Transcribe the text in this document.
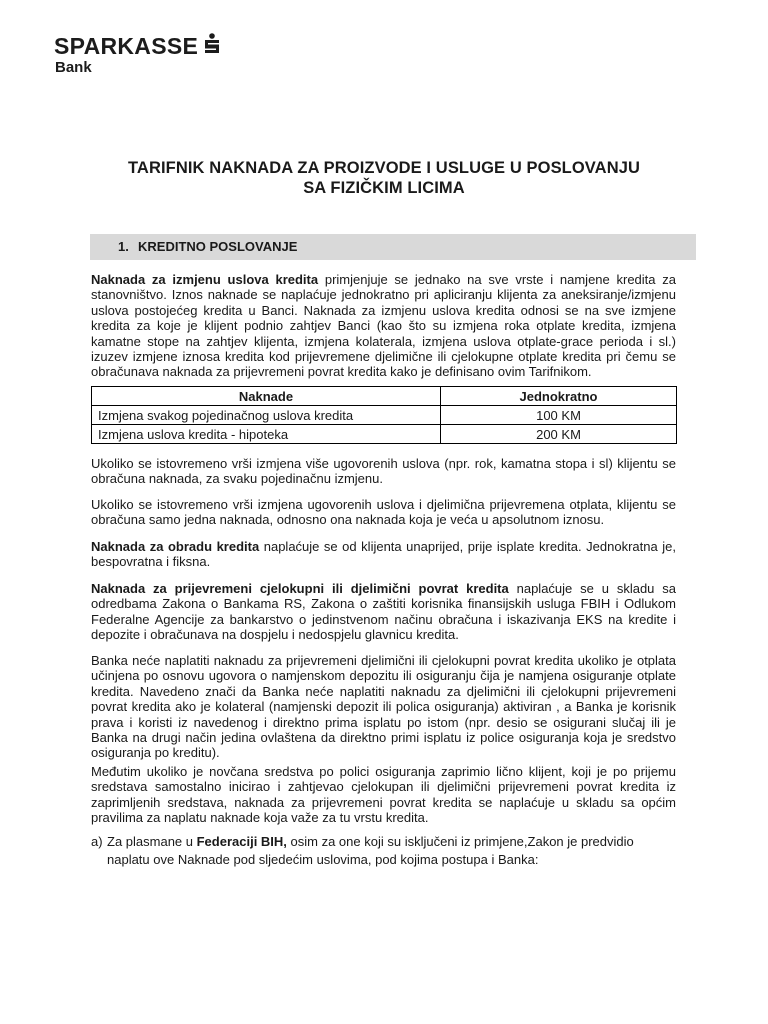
SPARKASSE
Bank
TARIFNIK NAKNADA ZA PROIZVODE I USLUGE U POSLOVANJU
SA FIZIČKIM LICIMA
1. KREDITNO POSLOVANJE
Naknada za izmjenu uslova kredita primjenjuje se jednako na sve vrste i namjene kredita za stanovništvo. Iznos naknade se naplaćuje jednokratno pri apliciranju klijenta za aneksiranje/izmjenu uslova postojećeg kredita u Banci. Naknada za izmjenu uslova kredita odnosi se na sve izmjene kredita za koje je klijent podnio zahtjev Banci (kao što su izmjena roka otplate kredita, izmjena kamatne stope na zahtjev klijenta, izmjena kolaterala, izmjena uslova otplate-grace perioda i sl.) izuzev izmjene iznosa kredita kod prijevremene djelimične ili cjelokupne otplate kredita pri čemu se obračunava naknada za prijevremeni povrat kredita kako je definisano ovim Tarifnikom.
Naknade	Jednokratno
Izmjena svakog pojedinačnog uslova kredita	100 KM
Izmjena uslova kredita - hipoteka	200 KM
Ukoliko se istovremeno vrši izmjena više ugovorenih uslova (npr. rok, kamatna stopa i sl) klijentu se obračuna naknada, za svaku pojedinačnu izmjenu.
Ukoliko se istovremeno vrši izmjena ugovorenih uslova i djelimična prijevremena otplata, klijentu se obračuna samo jedna naknada, odnosno ona naknada koja je veća u apsolutnom iznosu.
Naknada za obradu kredita naplaćuje se od klijenta unaprijed, prije isplate kredita. Jednokratna je, bespovratna i fiksna.
Naknada za prijevremeni cjelokupni ili djelimični povrat kredita naplaćuje se u skladu sa odredbama Zakona o Bankama RS, Zakona o zaštiti korisnika finansijskih usluga FBIH i Odlukom Federalne Agencije za bankarstvo o jedinstvenom načinu obračuna i iskazivanja EKS na kredite i depozite i obračunava na dospjelu i nedospjelu glavnicu kredita.
Banka neće naplatiti naknadu za prijevremeni djelimični ili cjelokupni povrat kredita ukoliko je otplata učinjena po osnovu ugovora o namjenskom depozitu ili osiguranju čija je namjena osiguranje otplate kredita. Navedeno znači da Banka neće naplatiti naknadu za djelimični ili cjelokupni prijevremeni povrat kredita ako je kolateral (namjenski depozit ili polica osiguranja) aktiviran , a Banka je korisnik prava i koristi iz navedenog i direktno prima isplatu po istom (npr. desio se osigurani slučaj ili je Banka na drugi način jedina ovlaštena da direktno primi isplatu iz police osiguranja koja je sredstvo osiguranja po kreditu).
Međutim ukoliko je novčana sredstva po polici osiguranja zaprimio lično klijent, koji je po prijemu sredstava samostalno inicirao i zahtjevao cjelokupan ili djelimični prijevremeni povrat kredita iz zaprimljenih sredstava, naknada za prijevremeni povrat kredita se naplaćuje u skladu sa općim pravilima za naplatu naknade koja važe za tu vrstu kredita.
a) Za plasmane u Federaciji BIH, osim za one koji su isključeni iz primjene,Zakon je predvidio naplatu ove Naknade pod sljedećim uslovima, pod kojima postupa i Banka:
